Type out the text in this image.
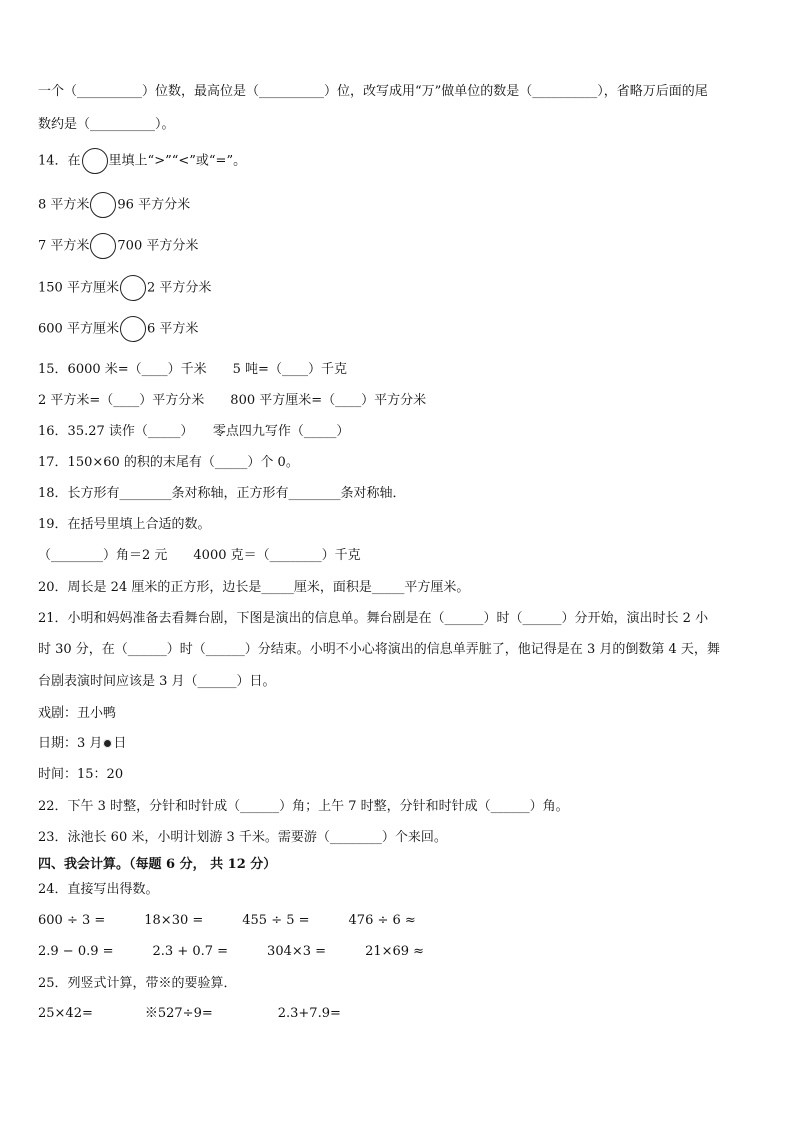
一个（__________）位数，最高位是（__________）位，改写成用“万”做单位的数是（__________），省略万后面的尾
数约是（__________）。
14．在 里填上“>”“<”或“=”。
8 平方米 96 平方分米
7 平方米 700 平方分米
150 平方厘米 2 平方分米
600 平方厘米 6 平方米
15．6000 米=（____）千米　　5 吨=（____）千克
2 平方米=（____）平方分米　　800 平方厘米=（____）平方分米
16．35.27 读作（_____）　　零点四九写作（_____）
17．150×60 的积的末尾有（_____）个 0。
18．长方形有________条对称轴，正方形有________条对称轴．
19．在括号里填上合适的数。
（________）角＝2 元　　4000 克＝（________）千克
20．周长是 24 厘米的正方形，边长是_____厘米，面积是_____平方厘米。
21．小明和妈妈准备去看舞台剧，下图是演出的信息单。舞台剧是在（______）时（______）分开始，演出时长 2 小
时 30 分，在（______）时（______）分结束。小明不小心将演出的信息单弄脏了，他记得是在 3 月的倒数第 4 天，舞
台剧表演时间应该是 3 月（______）日。
戏剧：丑小鸭
日期：3 月 日
时间：15：20
22．下午 3 时整，分针和时针成（______）角；上午 7 时整，分针和时针成（______）角。
23．泳池长 60 米，小明计划游 3 千米。需要游（________）个来回。
四、我会计算。（每题 6 分， 共 12 分）
24．直接写出得数。
600 ÷ 3 =　　　18×30 =　　　455 ÷ 5 =　　　476 ÷ 6 ≈
2.9 − 0.9 =　　　2.3 + 0.7 =　　　304×3 =　　　21×69 ≈
25．列竖式计算，带※的要验算．
25×42=　　　　※527÷9=　　　　　2.3+7.9=
